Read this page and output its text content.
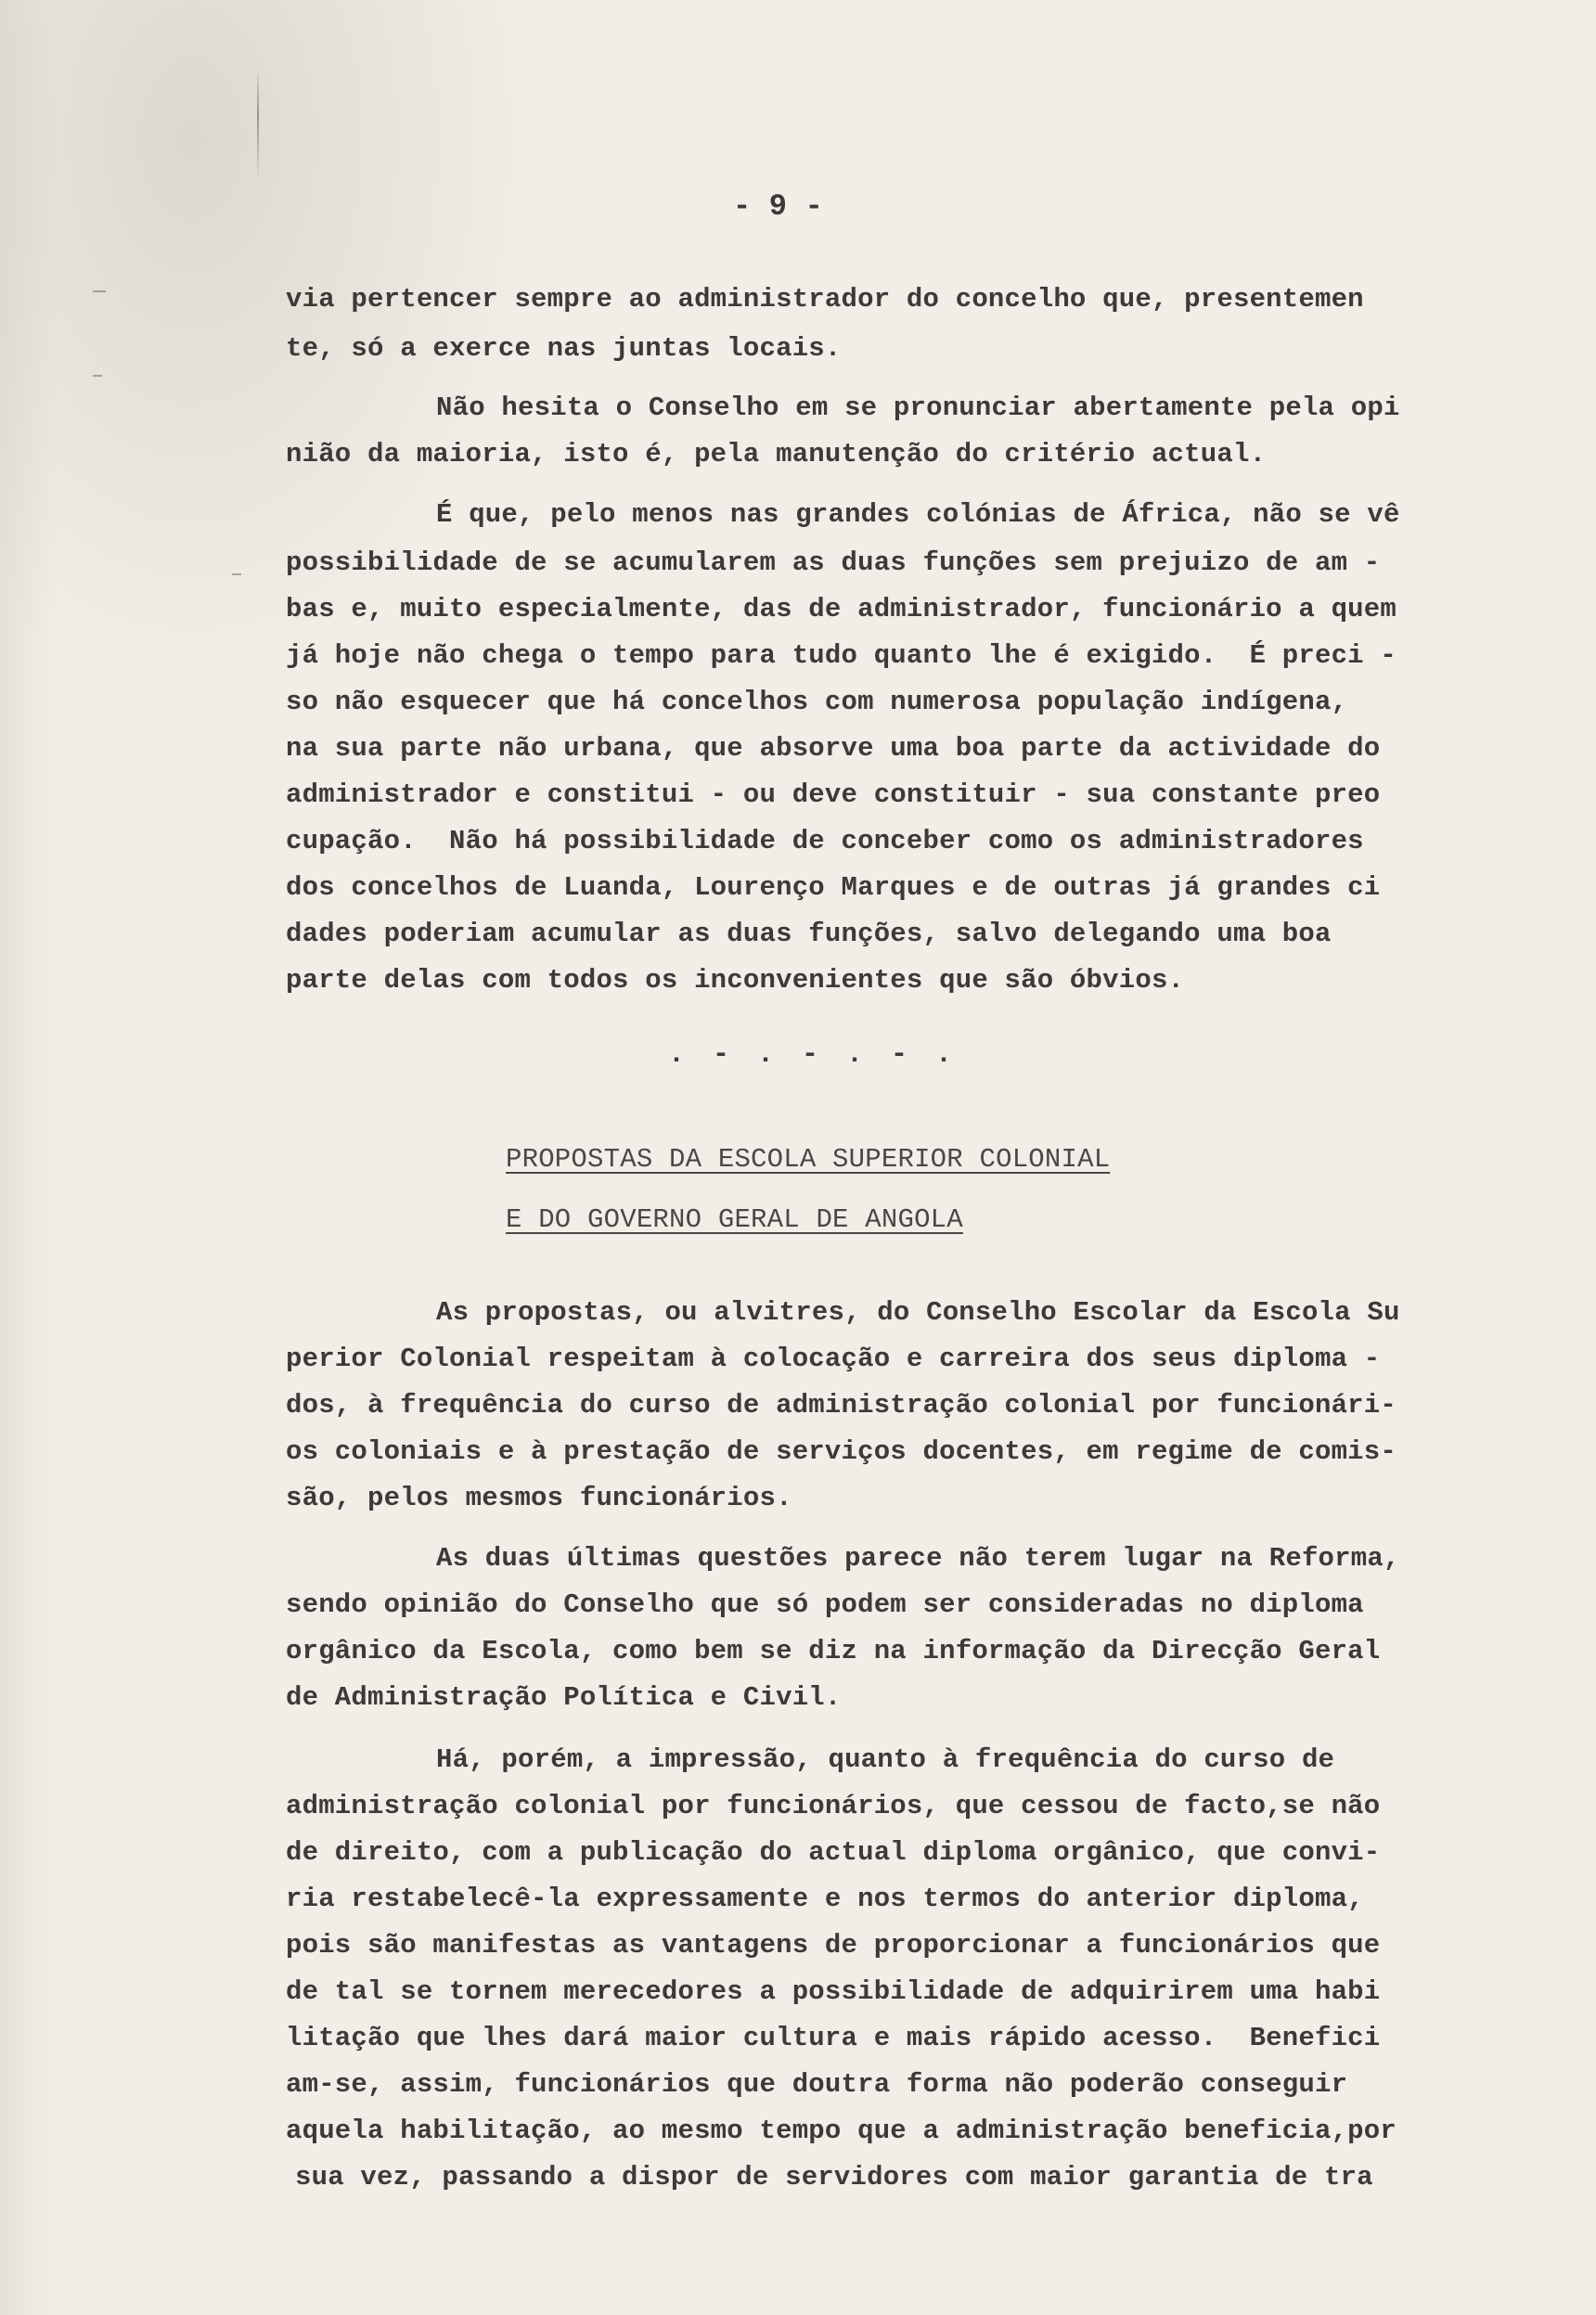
- 9 -

via pertencer sempre ao administrador do concelho que, presentemen

te, só a exerce nas juntas locais.

Não hesita o Conselho em se pronunciar abertamente pela opi

nião da maioria, isto é, pela manutenção do critério actual.

É que, pelo menos nas grandes colónias de África, não se vê

possibilidade de se acumularem as duas funções sem prejuizo de am -

bas e, muito especialmente, das de administrador, funcionário a quem

já hoje não chega o tempo para tudo quanto lhe é exigido.  É preci -

so não esquecer que há concelhos com numerosa população indígena,

na sua parte não urbana, que absorve uma boa parte da actividade do

administrador e constitui - ou deve constituir - sua constante preo

cupação.  Não há possibilidade de conceber como os administradores

dos concelhos de Luanda, Lourenço Marques e de outras já grandes ci

dades poderiam acumular as duas funções, salvo delegando uma boa

parte delas com todos os inconvenientes que são óbvios.

. - . - . - .

PROPOSTAS DA ESCOLA SUPERIOR COLONIAL

E DO GOVERNO GERAL DE ANGOLA

As propostas, ou alvitres, do Conselho Escolar da Escola Su

perior Colonial respeitam à colocação e carreira dos seus diploma -

dos, à frequência do curso de administração colonial por funcionári-

os coloniais e à prestação de serviços docentes, em regime de comis-

são, pelos mesmos funcionários.

As duas últimas questões parece não terem lugar na Reforma,

sendo opinião do Conselho que só podem ser consideradas no diploma

orgânico da Escola, como bem se diz na informação da Direcção Geral

de Administração Política e Civil.

Há, porém, a impressão, quanto à frequência do curso de

administração colonial por funcionários, que cessou de facto,se não

de direito, com a publicação do actual diploma orgânico, que convi-

ria restabelecê-la expressamente e nos termos do anterior diploma,

pois são manifestas as vantagens de proporcionar a funcionários que

de tal se tornem merecedores a possibilidade de adquirirem uma habi

litação que lhes dará maior cultura e mais rápido acesso.  Benefici

am-se, assim, funcionários que doutra forma não poderão conseguir

aquela habilitação, ao mesmo tempo que a administração beneficia,por

sua vez, passando a dispor de servidores com maior garantia de tra
